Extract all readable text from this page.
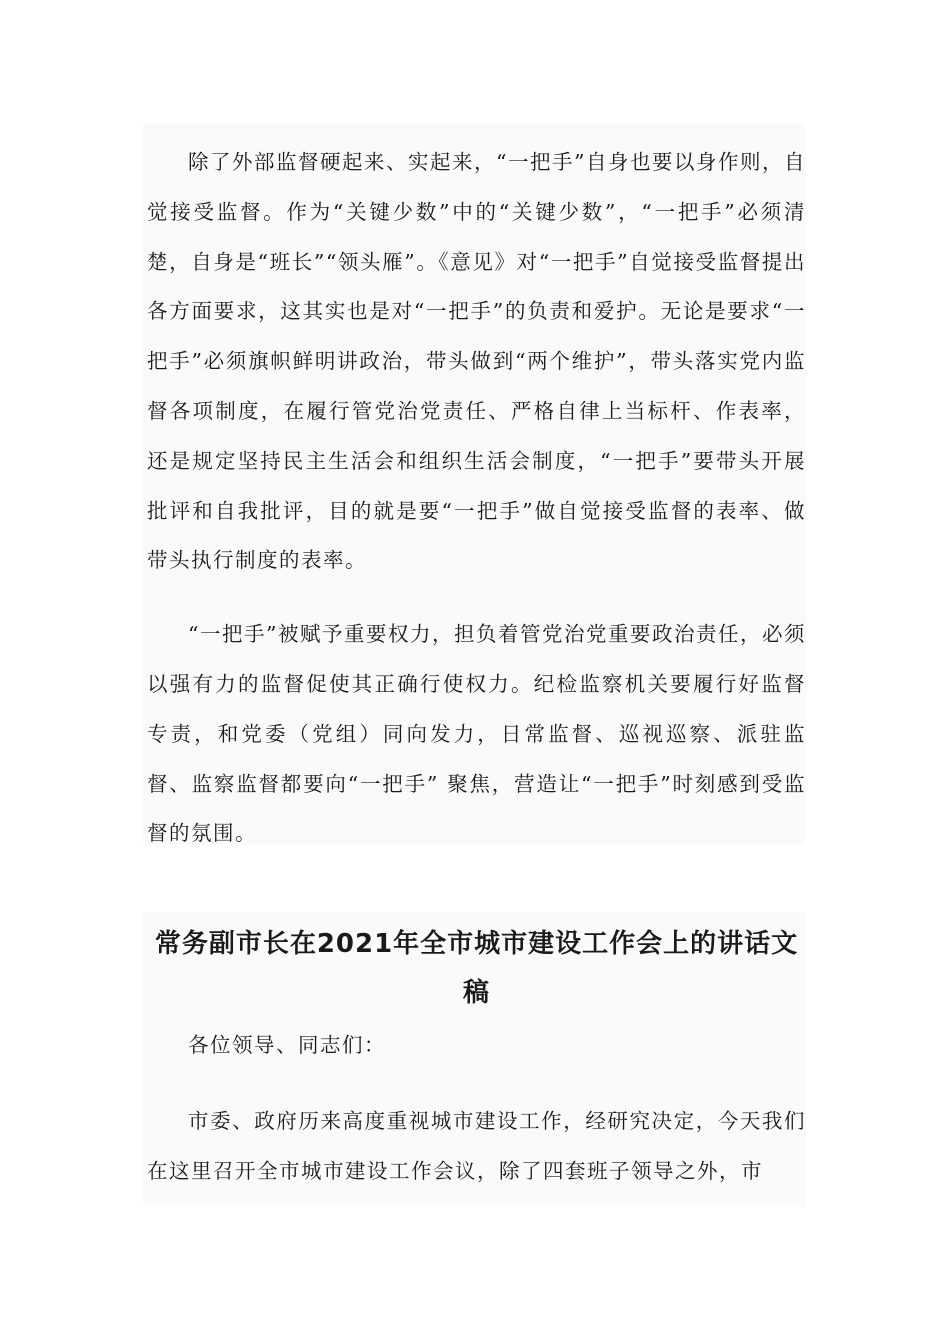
除了外部监督硬起来、实起来，“一把手”自身也要以身作则，自觉接受监督。作为“关键少数”中的“关键少数”，“一把手”必须清楚，自身是“班长”“领头雁”。《意见》对“一把手”自觉接受监督提出各方面要求，这其实也是对“一把手”的负责和爱护。无论是要求“一把手”必须旗帜鲜明讲政治，带头做到“两个维护”，带头落实党内监督各项制度，在履行管党治党责任、严格自律上当标杆、作表率，还是规定坚持民主生活会和组织生活会制度，“一把手”要带头开展批评和自我批评，目的就是要“一把手”做自觉接受监督的表率、做带头执行制度的表率。

“一把手”被赋予重要权力，担负着管党治党重要政治责任，必须以强有力的监督促使其正确行使权力。纪检监察机关要履行好监督专责，和党委（党组）同向发力，日常监督、巡视巡察、派驻监督、监察监督都要向“一把手” 聚焦，营造让“一把手”时刻感到受监督的氛围。

常务副市长在2021年全市城市建设工作会上的讲话文稿

各位领导、同志们：

市委、政府历来高度重视城市建设工作，经研究决定，今天我们在这里召开全市城市建设工作会议，除了四套班子领导之外，市
